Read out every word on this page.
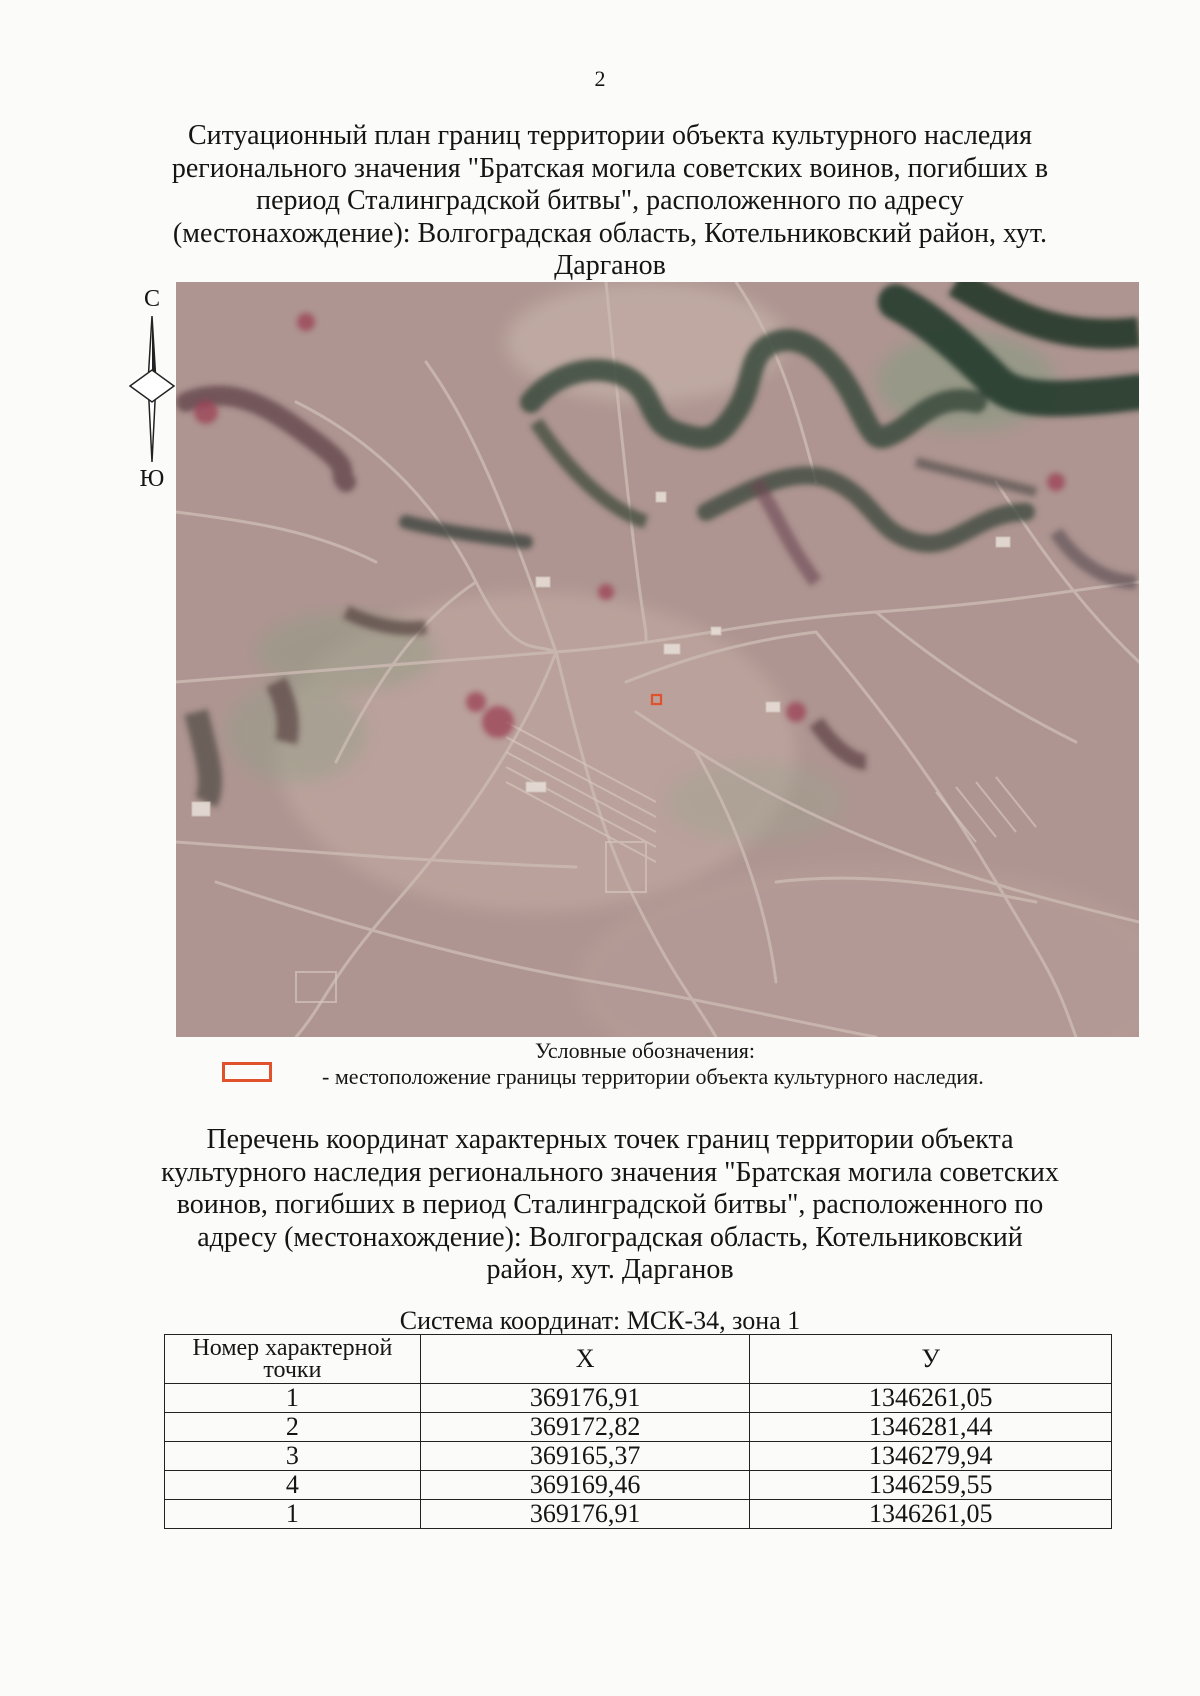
2
Ситуационный план границ территории объекта культурного наследия регионального значения "Братская могила советских воинов, погибших в период Сталинградской битвы", расположенного по адресу (местонахождение): Волгоградская область, Котельниковский район, хут. Дарганов
С
Ю
Условные обозначения:
- местоположение границы территории объекта культурного наследия.
Перечень координат характерных точек границ территории объекта культурного наследия регионального значения "Братская могила советских воинов, погибших в период Сталинградской битвы", расположенного по адресу (местонахождение): Волгоградская область, Котельниковский район, хут. Дарганов
Система координат: МСК-34, зона 1
Номер характерной точки	X	У
1	369176,91	1346261,05
2	369172,82	1346281,44
3	369165,37	1346279,94
4	369169,46	1346259,55
1	369176,91	1346261,05
